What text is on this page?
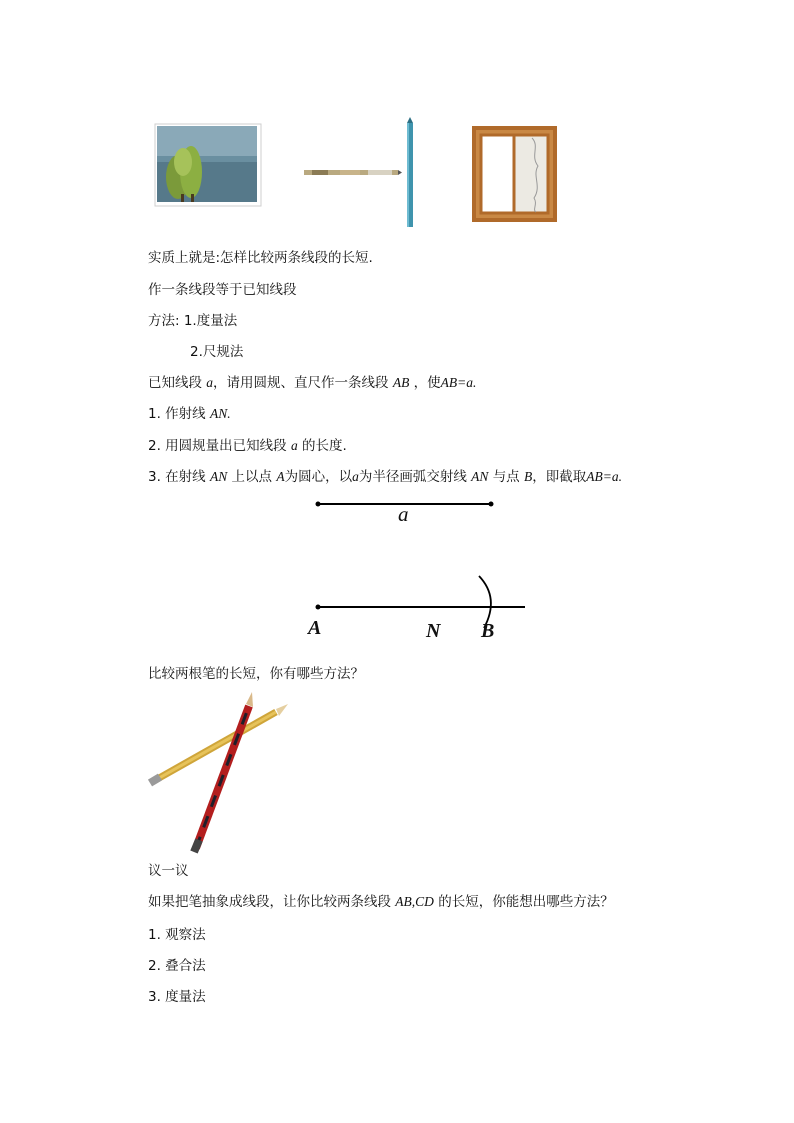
实质上就是:怎样比较两条线段的长短.
作一条线段等于已知线段
方法: 1.度量法
2.尺规法
已知线段 a，请用圆规、直尺作一条线段 AB ，使AB=a.
1. 作射线 AN.
2. 用圆规量出已知线段 a 的长度.
3. 在射线 AN 上以点 A为圆心，以a为半径画弧交射线 AN 与点 B，即截取AB=a.
a
A	N B
比较两根笔的长短，你有哪些方法？
议一议
如果把笔抽象成线段，让你比较两条线段 AB,CD 的长短，你能想出哪些方法？
1. 观察法
2. 叠合法
3. 度量法
